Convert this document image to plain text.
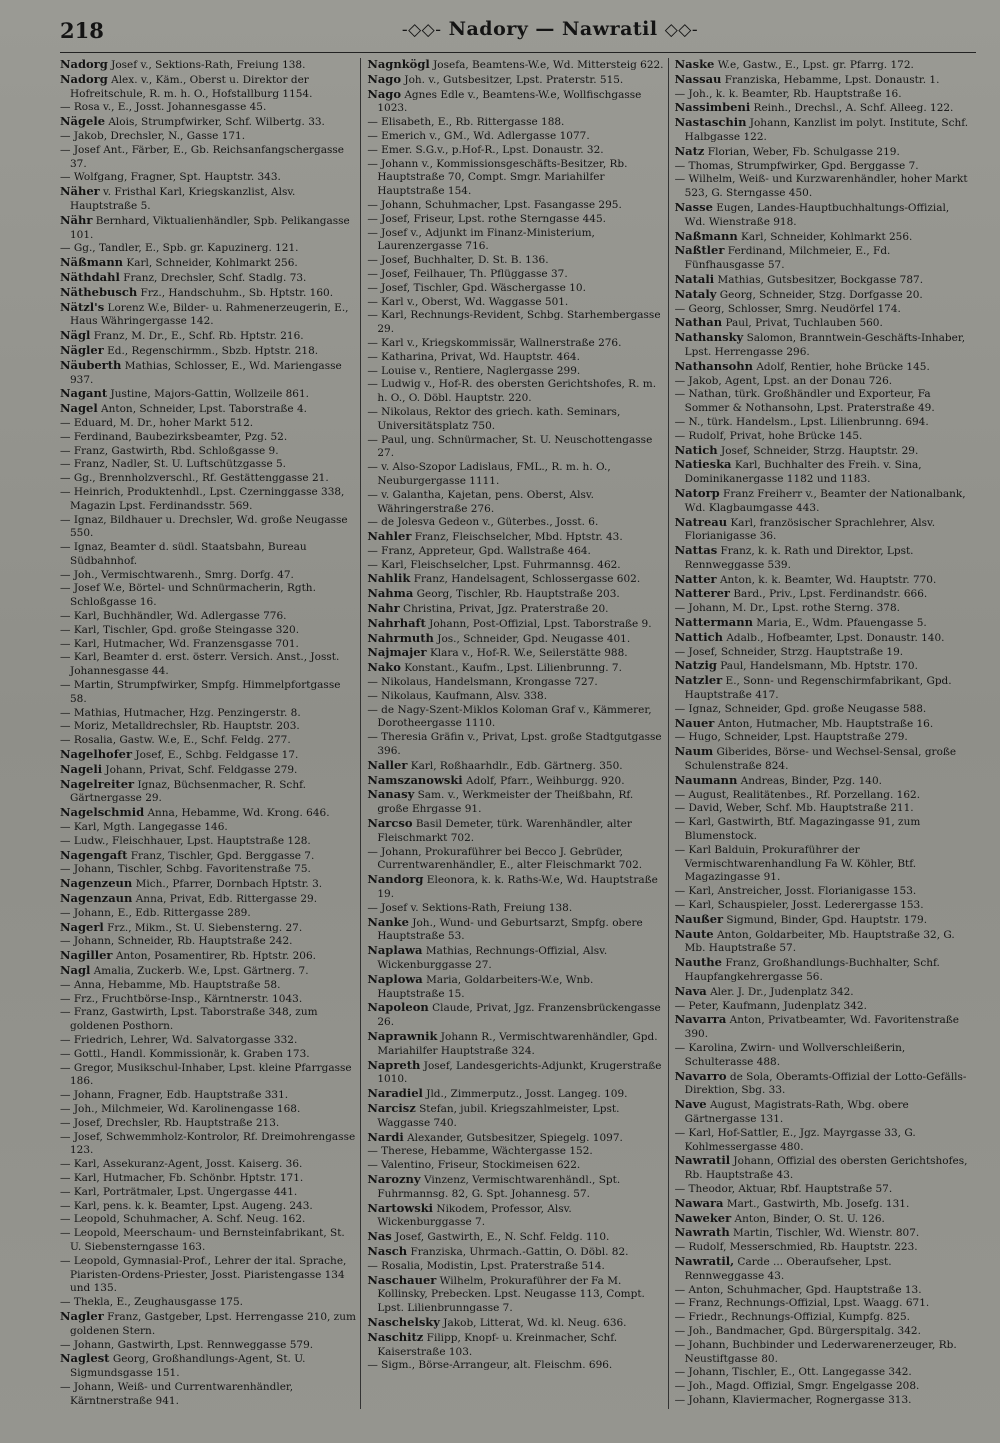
218	-◇◇- Nadory — Nawratil ◇◇-

Nadorg Josef v., Sektions-Rath, Freiung 138.

Nadorg Alex. v., Käm., Oberst u. Direktor der Hofreitschule, R. m. h. O., Hofstallburg 1154.

— Rosa v., E., Josst. Johannesgasse 45.

Nägele Alois, Strumpfwirker, Schf. Wilbertg. 33.

— Jakob, Drechsler, N., Gasse 171.

— Josef Ant., Färber, E., Gb. Reichsanfangschergasse 37.

— Wolfgang, Fragner, Spt. Hauptstr. 343.

Näher v. Fristhal Karl, Kriegskanzlist, Alsv. Hauptstraße 5.

Nähr Bernhard, Viktualienhändler, Spb. Pelikangasse 101.

— Gg., Tandler, E., Spb. gr. Kapuzinerg. 121.

Näßmann Karl, Schneider, Kohlmarkt 256.

Näthdahl Franz, Drechsler, Schf. Stadlg. 73.

Näthebusch Frz., Handschuhm., Sb. Hptstr. 160.

Nätzl's Lorenz W.e, Bilder- u. Rahmenerzeugerin, E., Haus Währingergasse 142.

Nägl Franz, M. Dr., E., Schf. Rb. Hptstr. 216.

Nägler Ed., Regenschirmm., Sbzb. Hptstr. 218.

Näuberth Mathias, Schlosser, E., Wd. Mariengasse 937.

Nagant Justine, Majors-Gattin, Wollzeile 861.

Nagel Anton, Schneider, Lpst. Taborstraße 4.

— Eduard, M. Dr., hoher Markt 512.

— Ferdinand, Baubezirksbeamter, Pzg. 52.

— Franz, Gastwirth, Rbd. Schloßgasse 9.

— Franz, Nadler, St. U. Luftschützgasse 5.

— Gg., Brennholzverschl., Rf. Gestättenggasse 21.

— Heinrich, Produktenhdl., Lpst. Czerninggasse 338, Magazin Lpst. Ferdinandsstr. 569.

— Ignaz, Bildhauer u. Drechsler, Wd. große Neugasse 550.

— Ignaz, Beamter d. südl. Staatsbahn, Bureau Südbahnhof.

— Joh., Vermischtwarenh., Smrg. Dorfg. 47.

— Josef W.e, Börtel- und Schnürmacherin, Rgth. Schloßgasse 16.

— Karl, Buchhändler, Wd. Adlergasse 776.

— Karl, Tischler, Gpd. große Steingasse 320.

— Karl, Hutmacher, Wd. Franzensgasse 701.

— Karl, Beamter d. erst. österr. Versich. Anst., Josst. Johannesgasse 44.

— Martin, Strumpfwirker, Smpfg. Himmelpfortgasse 58.

— Mathias, Hutmacher, Hzg. Penzingerstr. 8.

— Moriz, Metalldrechsler, Rb. Hauptstr. 203.

— Rosalia, Gastw. W.e, E., Schf. Feldg. 277.

Nagelhofer Josef, E., Schbg. Feldgasse 17.

Nageli Johann, Privat, Schf. Feldgasse 279.

Nagelreiter Ignaz, Büchsenmacher, R. Schf. Gärtnergasse 29.

Nagelschmid Anna, Hebamme, Wd. Krong. 646.

— Karl, Mgth. Langegasse 146.

— Ludw., Fleischhauer, Lpst. Hauptstraße 128.

Nagengaft Franz, Tischler, Gpd. Berggasse 7.

— Johann, Tischler, Schbg. Favoritenstraße 75.

Nagenzeun Mich., Pfarrer, Dornbach Hptstr. 3.

Nagenzaun Anna, Privat, Edb. Rittergasse 29.

— Johann, E., Edb. Rittergasse 289.

Nagerl Frz., Mikm., St. U. Siebensterng. 27.

— Johann, Schneider, Rb. Hauptstraße 242.

Nagiller Anton, Posamentirer, Rb. Hptstr. 206.

Nagl Amalia, Zuckerb. W.e, Lpst. Gärtnerg. 7.

— Anna, Hebamme, Mb. Hauptstraße 58.

— Frz., Fruchtbörse-Insp., Kärntnerstr. 1043.

— Franz, Gastwirth, Lpst. Taborstraße 348, zum goldenen Posthorn.

— Friedrich, Lehrer, Wd. Salvatorgasse 332.

— Gottl., Handl. Kommissionär, k. Graben 173.

— Gregor, Musikschul-Inhaber, Lpst. kleine Pfarrgasse 186.

— Johann, Fragner, Edb. Hauptstraße 331.

— Joh., Milchmeier, Wd. Karolinengasse 168.

— Josef, Drechsler, Rb. Hauptstraße 213.

— Josef, Schwemmholz-Kontrolor, Rf. Dreimohrengasse 123.

— Karl, Assekuranz-Agent, Josst. Kaiserg. 36.

— Karl, Hutmacher, Fb. Schönbr. Hptstr. 171.

— Karl, Porträtmaler, Lpst. Ungergasse 441.

— Karl, pens. k. k. Beamter, Lpst. Augeng. 243.

— Leopold, Schuhmacher, A. Schf. Neug. 162.

— Leopold, Meerschaum- und Bernsteinfabrikant, St. U. Siebensterngasse 163.

— Leopold, Gymnasial-Prof., Lehrer der ital. Sprache, Piaristen-Ordens-Priester, Josst. Piaristengasse 134 und 135.

— Thekla, E., Zeughausgasse 175.

Nagler Franz, Gastgeber, Lpst. Herrengasse 210, zum goldenen Stern.

— Johann, Gastwirth, Lpst. Rennweggasse 579.

Naglest Georg, Großhandlungs-Agent, St. U. Sigmundsgasse 151.

— Johann, Weiß- und Currentwarenhändler, Kärntnerstraße 941.

Nagnkögl Josefa, Beamtens-W.e, Wd. Mittersteig 622.

Nago Joh. v., Gutsbesitzer, Lpst. Praterstr. 515.

Nago Agnes Edle v., Beamtens-W.e, Wollfischgasse 1023.

— Elisabeth, E., Rb. Rittergasse 188.

— Emerich v., GM., Wd. Adlergasse 1077.

— Emer. S.G.v., p.Hof-R., Lpst. Donaustr. 32.

— Johann v., Kommissionsgeschäfts-Besitzer, Rb. Hauptstraße 70, Compt. Smgr. Mariahilfer Hauptstraße 154.

— Johann, Schuhmacher, Lpst. Fasangasse 295.

— Josef, Friseur, Lpst. rothe Sterngasse 445.

— Josef v., Adjunkt im Finanz-Ministerium, Laurenzergasse 716.

— Josef, Buchhalter, D. St. B. 136.

— Josef, Feilhauer, Th. Pflüggasse 37.

— Josef, Tischler, Gpd. Wäschergasse 10.

— Karl v., Oberst, Wd. Waggasse 501.

— Karl, Rechnungs-Revident, Schbg. Starhembergasse 29.

— Karl v., Kriegskommissär, Wallnerstraße 276.

— Katharina, Privat, Wd. Hauptstr. 464.

— Louise v., Rentiere, Naglergasse 299.

— Ludwig v., Hof-R. des obersten Gerichtshofes, R. m. h. O., O. Döbl. Hauptstr. 220.

— Nikolaus, Rektor des griech. kath. Seminars, Universitätsplatz 750.

— Paul, ung. Schnürmacher, St. U. Neuschottengasse 27.

— v. Also-Szopor Ladislaus, FML., R. m. h. O., Neuburgergasse 1111.

— v. Galantha, Kajetan, pens. Oberst, Alsv. Währingerstraße 276.

— de Jolesva Gedeon v., Güterbes., Josst. 6.

Nahler Franz, Fleischselcher, Mbd. Hptstr. 43.

— Franz, Appreteur, Gpd. Wallstraße 464.

— Karl, Fleischselcher, Lpst. Fuhrmannsg. 462.

Nahlik Franz, Handelsagent, Schlossergasse 602.

Nahma Georg, Tischler, Rb. Hauptstraße 203.

Nahr Christina, Privat, Jgz. Praterstraße 20.

Nahrhaft Johann, Post-Offizial, Lpst. Taborstraße 9.

Nahrmuth Jos., Schneider, Gpd. Neugasse 401.

Najmajer Klara v., Hof-R. W.e, Seilerstätte 988.

Nako Konstant., Kaufm., Lpst. Lilienbrunng. 7.

— Nikolaus, Handelsmann, Krongasse 727.

— Nikolaus, Kaufmann, Alsv. 338.

— de Nagy-Szent-Miklos Koloman Graf v., Kämmerer, Dorotheergasse 1110.

— Theresia Gräfin v., Privat, Lpst. große Stadtgutgasse 396.

Naller Karl, Roßhaarhdlr., Edb. Gärtnerg. 350.

Namszanowski Adolf, Pfarr., Weihburgg. 920.

Nanasy Sam. v., Werkmeister der Theißbahn, Rf. große Ehrgasse 91.

Narcso Basil Demeter, türk. Warenhändler, alter Fleischmarkt 702.

— Johann, Prokuraführer bei Becco J. Gebrüder, Currentwarenhändler, E., alter Fleischmarkt 702.

Nandorg Eleonora, k. k. Raths-W.e, Wd. Hauptstraße 19.

— Josef v. Sektions-Rath, Freiung 138.

Nanke Joh., Wund- und Geburtsarzt, Smpfg. obere Hauptstraße 53.

Naplawa Mathias, Rechnungs-Offizial, Alsv. Wickenburggasse 27.

Naplowa Maria, Goldarbeiters-W.e, Wnb. Hauptstraße 15.

Napoleon Claude, Privat, Jgz. Franzensbrückengasse 26.

Naprawnik Johann R., Vermischtwarenhändler, Gpd. Mariahilfer Hauptstraße 324.

Napreth Josef, Landesgerichts-Adjunkt, Krugerstraße 1010.

Naradiel Jld., Zimmerputz., Josst. Langeg. 109.

Narcisz Stefan, jubil. Kriegszahlmeister, Lpst. Waggasse 740.

Nardi Alexander, Gutsbesitzer, Spiegelg. 1097.

— Therese, Hebamme, Wächtergasse 152.

— Valentino, Friseur, Stockimeisen 622.

Narozny Vinzenz, Vermischtwarenhändl., Spt. Fuhrmannsg. 82, G. Spt. Johannesg. 57.

Nartowski Nikodem, Professor, Alsv. Wickenburggasse 7.

Nas Josef, Gastwirth, E., N. Schf. Feldg. 110.

Nasch Franziska, Uhrmach.-Gattin, O. Döbl. 82.

— Rosalia, Modistin, Lpst. Praterstraße 514.

Naschauer Wilhelm, Prokuraführer der Fa M. Kollinsky, Prebecken. Lpst. Neugasse 113, Compt. Lpst. Lilienbrunngasse 7.

Naschelsky Jakob, Litterat, Wd. kl. Neug. 636.

Naschitz Filipp, Knopf- u. Kreinmacher, Schf. Kaiserstraße 103.

— Sigm., Börse-Arrangeur, alt. Fleischm. 696.

Naske W.e, Gastw., E., Lpst. gr. Pfarrg. 172.

Nassau Franziska, Hebamme, Lpst. Donaustr. 1.

— Joh., k. k. Beamter, Rb. Hauptstraße 16.

Nassimbeni Reinh., Drechsl., A. Schf. Alleeg. 122.

Nastaschin Johann, Kanzlist im polyt. Institute, Schf. Halbgasse 122.

Natz Florian, Weber, Fb. Schulgasse 219.

— Thomas, Strumpfwirker, Gpd. Berggasse 7.

— Wilhelm, Weiß- und Kurzwarenhändler, hoher Markt 523, G. Sterngasse 450.

Nasse Eugen, Landes-Hauptbuchhaltungs-Offizial, Wd. Wienstraße 918.

Naßmann Karl, Schneider, Kohlmarkt 256.

Naßtler Ferdinand, Milchmeier, E., Fd. Fünfhausgasse 57.

Natali Mathias, Gutsbesitzer, Bockgasse 787.

Nataly Georg, Schneider, Stzg. Dorfgasse 20.

— Georg, Schlosser, Smrg. Neudörfel 174.

Nathan Paul, Privat, Tuchlauben 560.

Nathansky Salomon, Branntwein-Geschäfts-Inhaber, Lpst. Herrengasse 296.

Nathansohn Adolf, Rentier, hohe Brücke 145.

— Jakob, Agent, Lpst. an der Donau 726.

— Nathan, türk. Großhändler und Exporteur, Fa Sommer & Nothansohn, Lpst. Praterstraße 49.

— N., türk. Handelsm., Lpst. Lilienbrunng. 694.

— Rudolf, Privat, hohe Brücke 145.

Natich Josef, Schneider, Strzg. Hauptstr. 29.

Natieska Karl, Buchhalter des Freih. v. Sina, Dominikanergasse 1182 und 1183.

Natorp Franz Freiherr v., Beamter der Nationalbank, Wd. Klagbaumgasse 443.

Natreau Karl, französischer Sprachlehrer, Alsv. Florianigasse 36.

Nattas Franz, k. k. Rath und Direktor, Lpst. Rennweggasse 539.

Natter Anton, k. k. Beamter, Wd. Hauptstr. 770.

Natterer Bard., Priv., Lpst. Ferdinandstr. 666.

— Johann, M. Dr., Lpst. rothe Sterng. 378.

Nattermann Maria, E., Wdm. Pfauengasse 5.

Nattich Adalb., Hofbeamter, Lpst. Donaustr. 140.

— Josef, Schneider, Strzg. Hauptstraße 19.

Natzig Paul, Handelsmann, Mb. Hptstr. 170.

Natzler E., Sonn- und Regenschirmfabrikant, Gpd. Hauptstraße 417.

— Ignaz, Schneider, Gpd. große Neugasse 588.

Nauer Anton, Hutmacher, Mb. Hauptstraße 16.

— Hugo, Schneider, Lpst. Hauptstraße 279.

Naum Giberides, Börse- und Wechsel-Sensal, große Schulenstraße 824.

Naumann Andreas, Binder, Pzg. 140.

— August, Realitätenbes., Rf. Porzellang. 162.

— David, Weber, Schf. Mb. Hauptstraße 211.

— Karl, Gastwirth, Btf. Magazingasse 91, zum Blumenstock.

— Karl Balduin, Prokuraführer der Vermischtwarenhandlung Fa W. Köhler, Btf. Magazingasse 91.

— Karl, Anstreicher, Josst. Florianigasse 153.

— Karl, Schauspieler, Josst. Lederergasse 153.

Naußer Sigmund, Binder, Gpd. Hauptstr. 179.

Naute Anton, Goldarbeiter, Mb. Hauptstraße 32, G. Mb. Hauptstraße 57.

Nauthe Franz, Großhandlungs-Buchhalter, Schf. Haupfangkehrergasse 56.

Nava Aler. J. Dr., Judenplatz 342.

— Peter, Kaufmann, Judenplatz 342.

Navarra Anton, Privatbeamter, Wd. Favoritenstraße 390.

— Karolina, Zwirn- und Wollverschleißerin, Schulterasse 488.

Navarro de Sola, Oberamts-Offizial der Lotto-Gefälls-Direktion, Sbg. 33.

Nave August, Magistrats-Rath, Wbg. obere Gärtnergasse 131.

— Karl, Hof-Sattler, E., Jgz. Mayrgasse 33, G. Kohlmessergasse 480.

Nawratil Johann, Offizial des obersten Gerichtshofes, Rb. Hauptstraße 43.

— Theodor, Aktuar, Rbf. Hauptstraße 57.

Nawara Mart., Gastwirth, Mb. Josefg. 131.

Naweker Anton, Binder, O. St. U. 126.

Nawrath Martin, Tischler, Wd. Wienstr. 807.

— Rudolf, Messerschmied, Rb. Hauptstr. 223.

Nawratil, Carde ... Oberaufseher, Lpst. Rennweggasse 43.

— Anton, Schuhmacher, Gpd. Hauptstraße 13.

— Franz, Rechnungs-Offizial, Lpst. Waagg. 671.

— Friedr., Rechnungs-Offizial, Kumpfg. 825.

— Joh., Bandmacher, Gpd. Bürgerspitalg. 342.

— Johann, Buchbinder und Lederwarenerzeuger, Rb. Neustiftgasse 80.

— Johann, Tischler, E., Ott. Langegasse 342.

— Joh., Magd. Offizial, Smgr. Engelgasse 208.

— Johann, Klaviermacher, Rognergasse 313.
